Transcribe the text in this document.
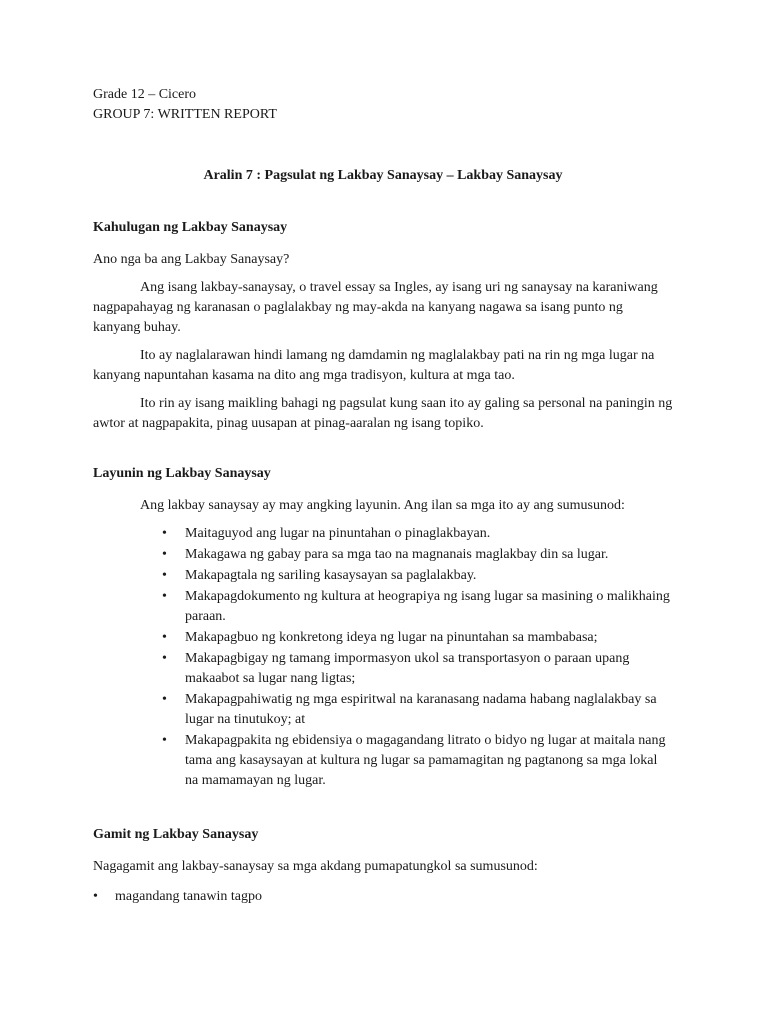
Grade 12 – Cicero
GROUP 7: WRITTEN REPORT
Aralin 7 : Pagsulat ng Lakbay Sanaysay – Lakbay Sanaysay
Kahulugan ng Lakbay Sanaysay

Ano nga ba ang Lakbay Sanaysay?

Ang isang lakbay-sanaysay, o travel essay sa Ingles, ay isang uri ng sanaysay na karaniwang nagpapahayag ng karanasan o paglalakbay ng may-akda na kanyang nagawa sa isang punto ng kanyang buhay.

Ito ay naglalarawan hindi lamang ng damdamin ng maglalakbay pati na rin ng mga lugar na kanyang napuntahan kasama na dito ang mga tradisyon, kultura at mga tao.

Ito rin ay isang maikling bahagi ng pagsulat kung saan ito ay galing sa personal na paningin ng awtor at nagpapakita, pinag uusapan at pinag-aaralan ng isang topiko.

Layunin ng Lakbay Sanaysay

Ang lakbay sanaysay ay may angking layunin. Ang ilan sa mga ito ay ang sumusunod:

• Maitaguyod ang lugar na pinuntahan o pinaglakbayan.
• Makagawa ng gabay para sa mga tao na magnanais maglakbay din sa lugar.
• Makapagtala ng sariling kasaysayan sa paglalakbay.
• Makapagdokumento ng kultura at heograpiya ng isang lugar sa masining o malikhaing paraan.
• Makapagbuo ng konkretong ideya ng lugar na pinuntahan sa mambabasa;
• Makapagbigay ng tamang impormasyon ukol sa transportasyon o paraan upang makaabot sa lugar nang ligtas;
• Makapagpahiwatig ng mga espiritwal na karanasang nadama habang naglalakbay sa lugar na tinutukoy; at
• Makapagpakita ng ebidensiya o magagandang litrato o bidyo ng lugar at maitala nang tama ang kasaysayan at kultura ng lugar sa pamamagitan ng pagtanong sa mga lokal na mamamayan ng lugar.
Gamit ng Lakbay Sanaysay

Nagagamit ang lakbay-sanaysay sa mga akdang pumapatungkol sa sumusunod:

• magandang tanawin tagpo
